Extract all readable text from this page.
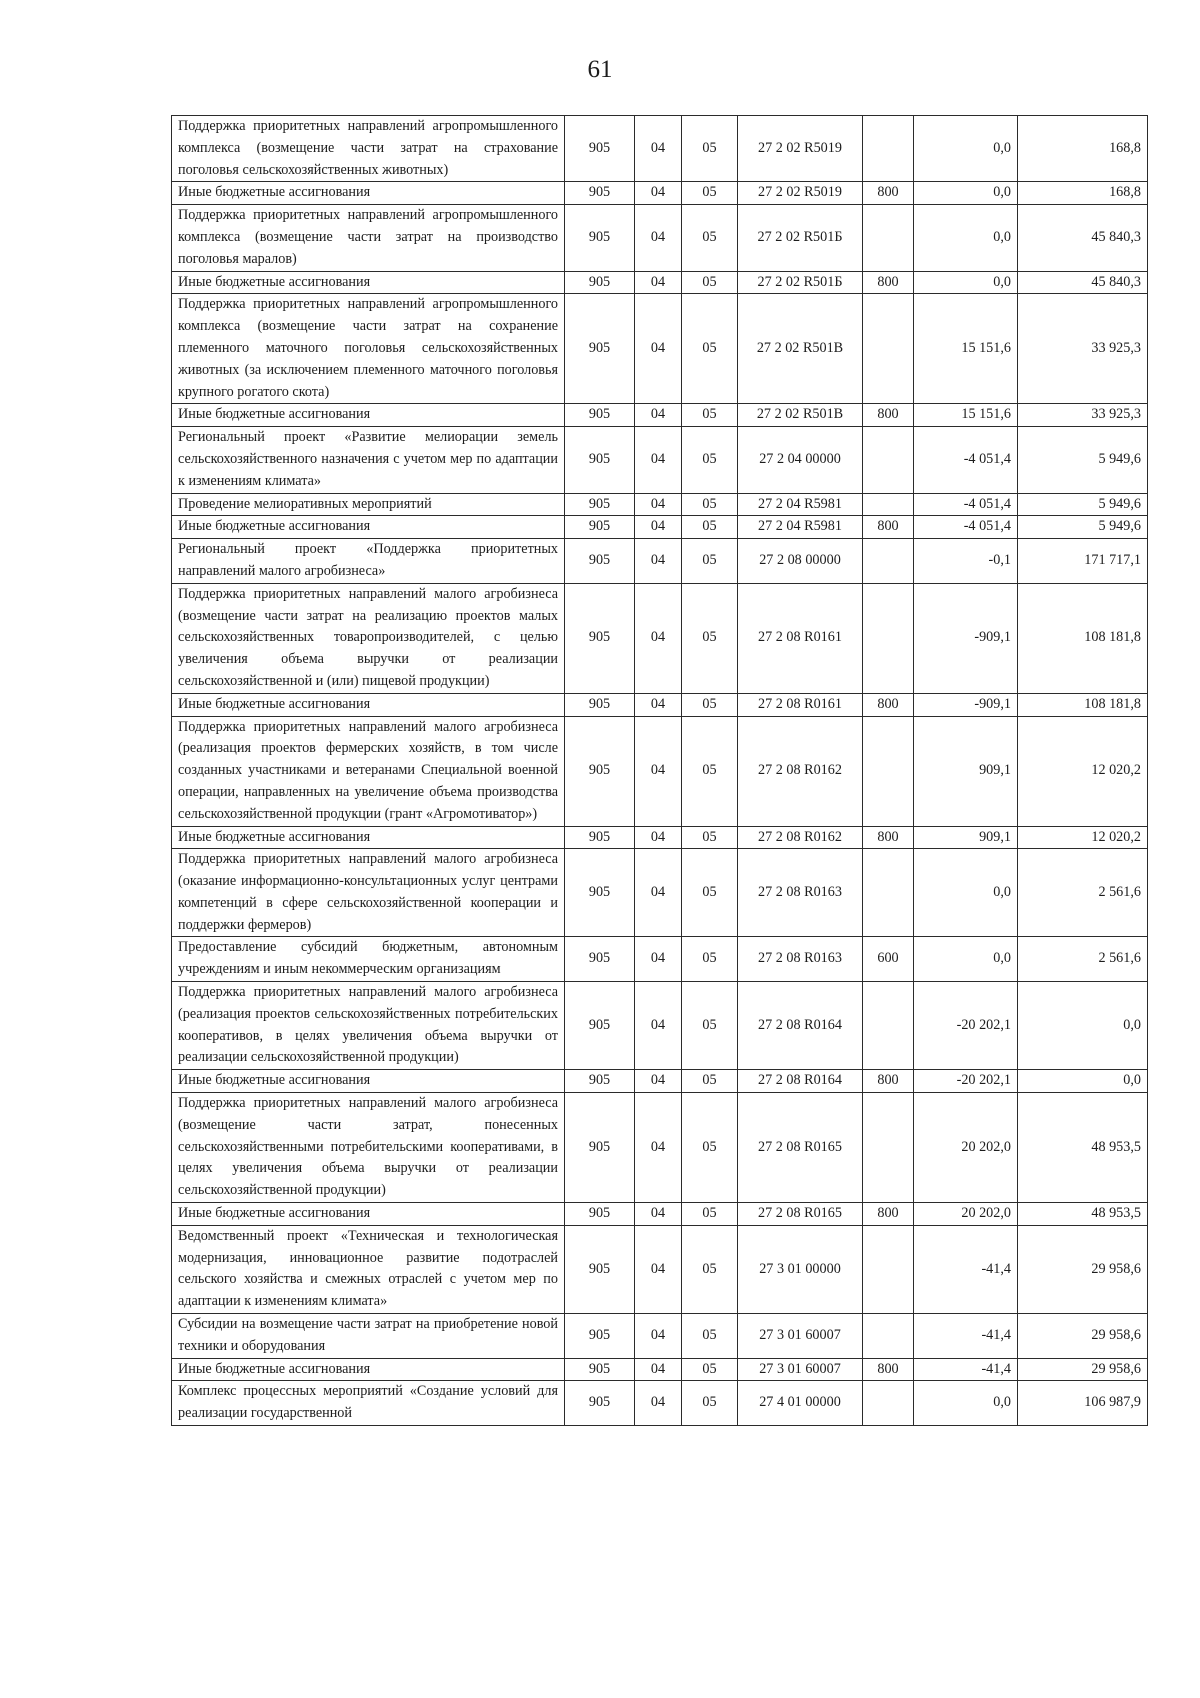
61
Поддержка приоритетных направлений агропромышленного комплекса (возмещение части затрат на страхование поголовья сельскохозяйственных животных)	905	04	05	27 2 02 R5019		0,0	168,8
Иные бюджетные ассигнования	905	04	05	27 2 02 R5019	800	0,0	168,8
Поддержка приоритетных направлений агропромышленного комплекса (возмещение части затрат на производство поголовья маралов)	905	04	05	27 2 02 R501Б		0,0	45 840,3
Иные бюджетные ассигнования	905	04	05	27 2 02 R501Б	800	0,0	45 840,3
Поддержка приоритетных направлений агропромышленного комплекса (возмещение части затрат на сохранение племенного маточного поголовья сельскохозяйственных животных (за исключением племенного маточного поголовья крупного рогатого скота)	905	04	05	27 2 02 R501В		15 151,6	33 925,3
Иные бюджетные ассигнования	905	04	05	27 2 02 R501В	800	15 151,6	33 925,3
Региональный проект «Развитие мелиорации земель сельскохозяйственного назначения с учетом мер по адаптации к изменениям климата»	905	04	05	27 2 04 00000		-4 051,4	5 949,6
Проведение мелиоративных мероприятий	905	04	05	27 2 04 R5981		-4 051,4	5 949,6
Иные бюджетные ассигнования	905	04	05	27 2 04 R5981	800	-4 051,4	5 949,6
Региональный проект «Поддержка приоритетных направлений малого агробизнеса»	905	04	05	27 2 08 00000		-0,1	171 717,1
Поддержка приоритетных направлений малого агробизнеса (возмещение части затрат на реализацию проектов малых сельскохозяйственных товаропроизводителей, с целью увеличения объема выручки от реализации сельскохозяйственной и (или) пищевой продукции)	905	04	05	27 2 08 R0161		-909,1	108 181,8
Иные бюджетные ассигнования	905	04	05	27 2 08 R0161	800	-909,1	108 181,8
Поддержка приоритетных направлений малого агробизнеса (реализация проектов фермерских хозяйств, в том числе созданных участниками и ветеранами Специальной военной операции, направленных на увеличение объема производства сельскохозяйственной продукции (грант «Агромотиватор»)	905	04	05	27 2 08 R0162		909,1	12 020,2
Иные бюджетные ассигнования	905	04	05	27 2 08 R0162	800	909,1	12 020,2
Поддержка приоритетных направлений малого агробизнеса (оказание информационно-консультационных услуг центрами компетенций в сфере сельскохозяйственной кооперации и поддержки фермеров)	905	04	05	27 2 08 R0163		0,0	2 561,6
Предоставление субсидий бюджетным, автономным учреждениям и иным некоммерческим организациям	905	04	05	27 2 08 R0163	600	0,0	2 561,6
Поддержка приоритетных направлений малого агробизнеса (реализация проектов сельскохозяйственных потребительских кооперативов, в целях увеличения объема выручки от реализации сельскохозяйственной продукции)	905	04	05	27 2 08 R0164		-20 202,1	0,0
Иные бюджетные ассигнования	905	04	05	27 2 08 R0164	800	-20 202,1	0,0
Поддержка приоритетных направлений малого агробизнеса (возмещение части затрат, понесенных сельскохозяйственными потребительскими кооперативами, в целях увеличения объема выручки от реализации сельскохозяйственной продукции)	905	04	05	27 2 08 R0165		20 202,0	48 953,5
Иные бюджетные ассигнования	905	04	05	27 2 08 R0165	800	20 202,0	48 953,5
Ведомственный проект «Техническая и технологическая модернизация, инновационное развитие подотраслей сельского хозяйства и смежных отраслей с учетом мер по адаптации к изменениям климата»	905	04	05	27 3 01 00000		-41,4	29 958,6
Субсидии на возмещение части затрат на приобретение новой техники и оборудования	905	04	05	27 3 01 60007		-41,4	29 958,6
Иные бюджетные ассигнования	905	04	05	27 3 01 60007	800	-41,4	29 958,6
Комплекс процессных мероприятий «Создание условий для реализации государственной	905	04	05	27 4 01 00000		0,0	106 987,9
